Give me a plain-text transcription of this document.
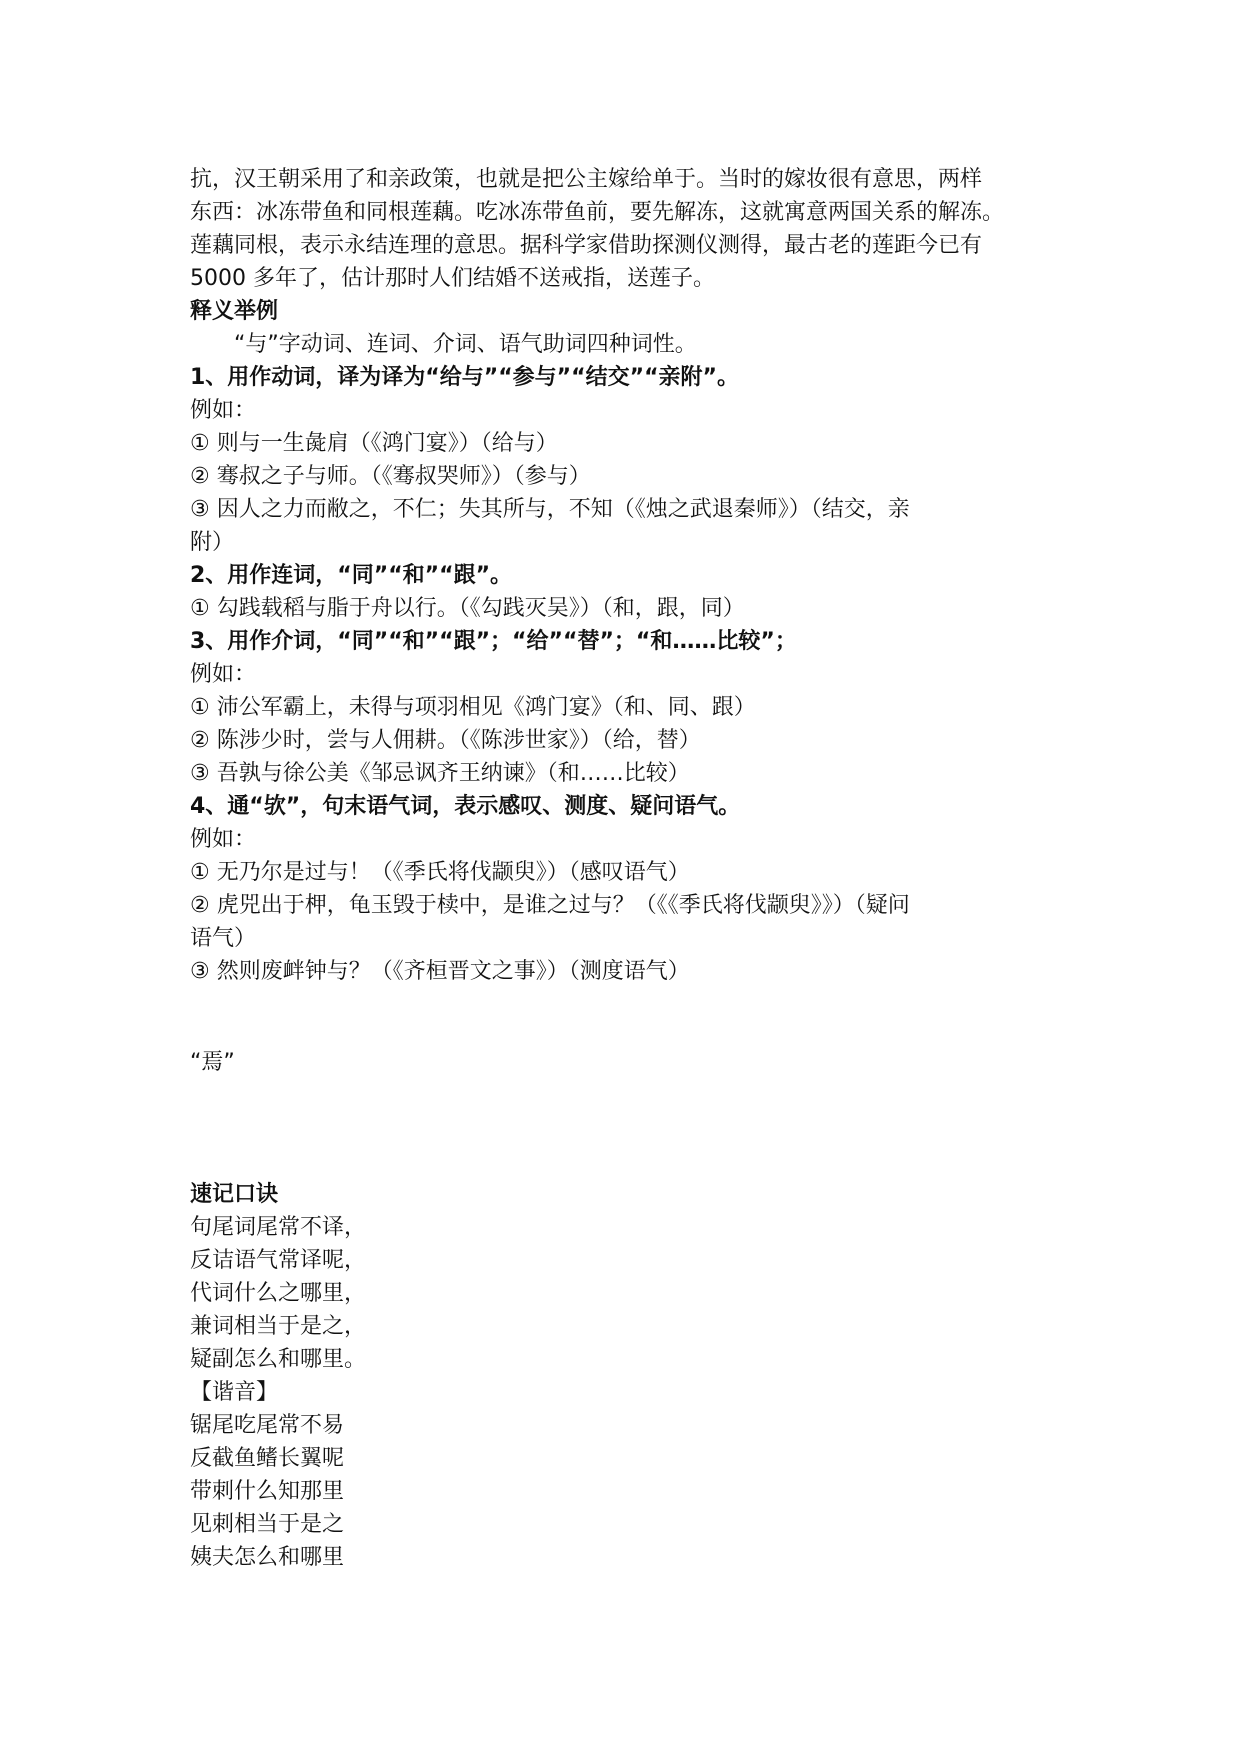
抗，汉王朝采用了和亲政策，也就是把公主嫁给单于。当时的嫁妆很有意思，两样
东西：冰冻带鱼和同根莲藕。吃冰冻带鱼前，要先解冻，这就寓意两国关系的解冻。
莲藕同根，表示永结连理的意思。据科学家借助探测仪测得，最古老的莲距今已有
5000 多年了，估计那时人们结婚不送戒指，送莲子。
释义举例
“与”字动词、连词、介词、语气助词四种词性。
1、用作动词，译为译为“给与”“参与”“结交”“亲附”。
例如：
① 则与一生彘肩（《鸿门宴》）（给与）
② 骞叔之子与师。（《骞叔哭师》）（参与）
③ 因人之力而敝之，不仁；失其所与，不知（《烛之武退秦师》）（结交，亲
附）
2、用作连词，“同”“和”“跟”。
① 勾践载稻与脂于舟以行。（《勾践灭吴》）（和，跟，同）
3、用作介词，“同”“和”“跟”；“给”“替”；“和……比较”；
例如：
① 沛公军霸上，未得与项羽相见《鸿门宴》（和、同、跟）
② 陈涉少时，尝与人佣耕。（《陈涉世家》）（给，替）
③ 吾孰与徐公美《邹忌讽齐王纳谏》（和……比较）
4、通“欤”，句末语气词，表示感叹、测度、疑问语气。
例如：
① 无乃尔是过与！（《季氏将伐颛臾》）（感叹语气）
② 虎兕出于柙，龟玉毁于椟中，是谁之过与？（《《季氏将伐颛臾》》）（疑问
语气）
③ 然则废衅钟与？（《齐桓晋文之事》）（测度语气）
“焉”
速记口诀
句尾词尾常不译，
反诘语气常译呢，
代词什么之哪里，
兼词相当于是之，
疑副怎么和哪里。
【谐音】
锯尾吃尾常不易
反截鱼鳍长翼呢
带刺什么知那里
见刺相当于是之
姨夫怎么和哪里
